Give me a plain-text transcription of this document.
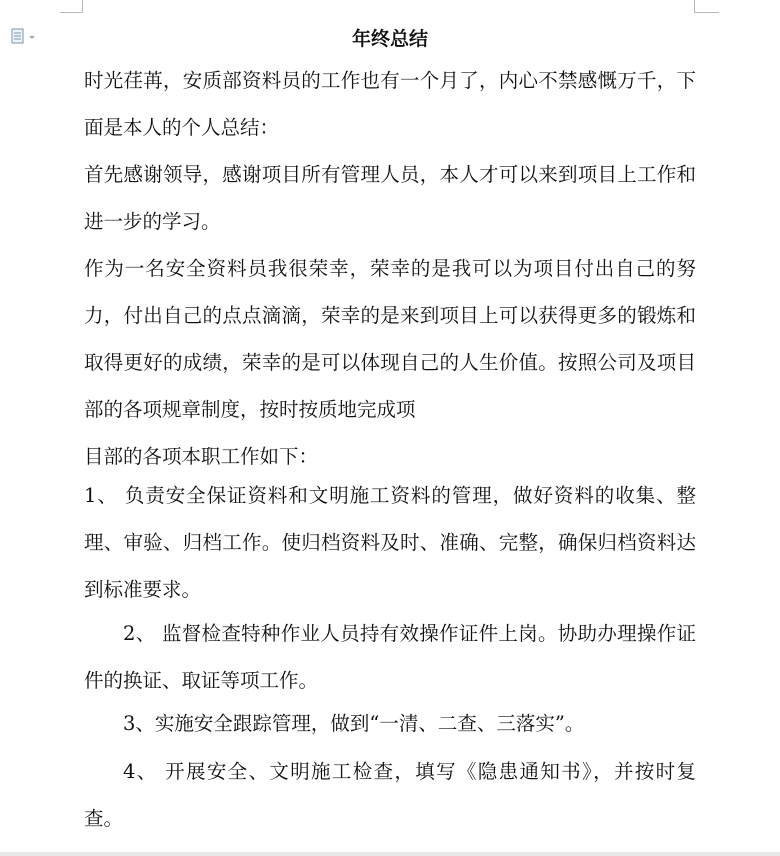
年终总结
时光荏苒，安质部资料员的工作也有一个月了，内心不禁感慨万千，下面是本人的个人总结：
首先感谢领导，感谢项目所有管理人员，本人才可以来到项目上工作和进一步的学习。
作为一名安全资料员我很荣幸，荣幸的是我可以为项目付出自己的努力，付出自己的点点滴滴，荣幸的是来到项目上可以获得更多的锻炼和取得更好的成绩，荣幸的是可以体现自己的人生价值。按照公司及项目部的各项规章制度，按时按质地完成项
目部的各项本职工作如下：
1、 负责安全保证资料和文明施工资料的管理，做好资料的收集、整理、审验、归档工作。使归档资料及时、准确、完整，确保归档资料达到标准要求。
2、 监督检查特种作业人员持有效操作证件上岗。协助办理操作证件的换证、取证等项工作。
3、实施安全跟踪管理，做到“一清、二查、三落实”。
4、 开展安全、文明施工检查，填写《隐患通知书》，并按时复查。
